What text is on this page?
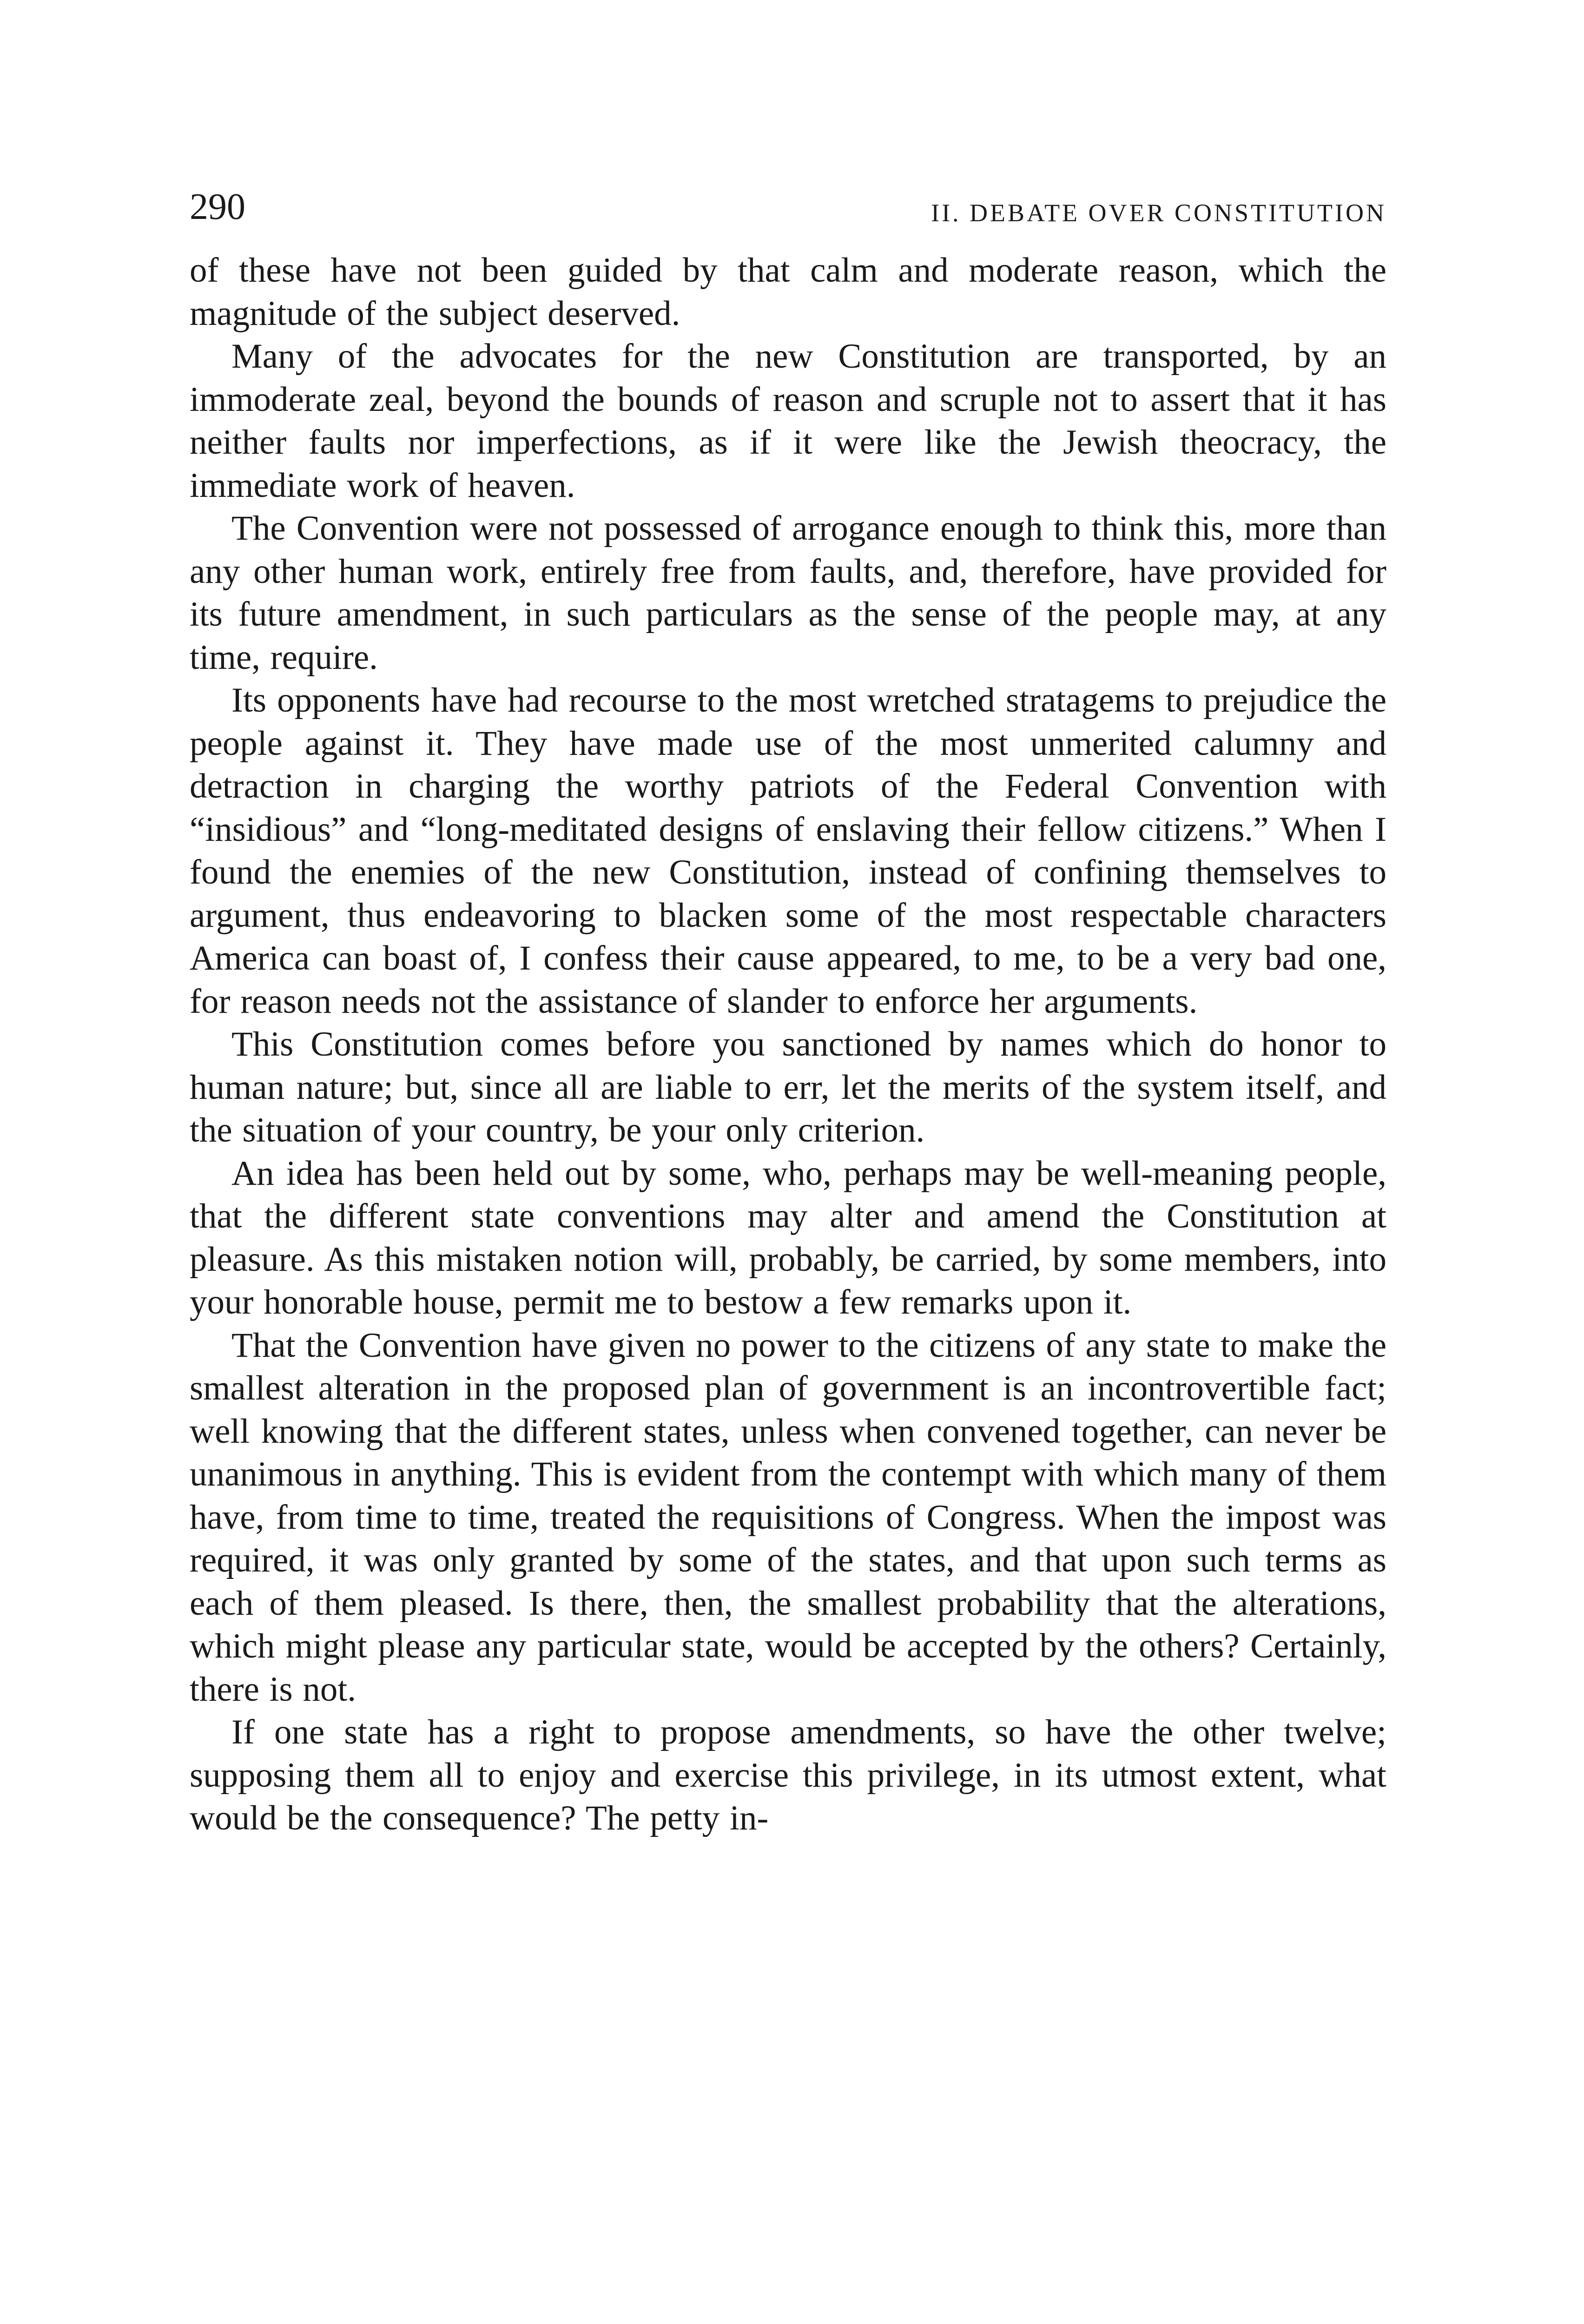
290	II. DEBATE OVER CONSTITUTION

of these have not been guided by that calm and moderate reason, which the magnitude of the subject deserved.

Many of the advocates for the new Constitution are transported, by an immoderate zeal, beyond the bounds of reason and scruple not to assert that it has neither faults nor imperfections, as if it were like the Jewish theocracy, the immediate work of heaven.

The Convention were not possessed of arrogance enough to think this, more than any other human work, entirely free from faults, and, therefore, have provided for its future amendment, in such particulars as the sense of the people may, at any time, require.

Its opponents have had recourse to the most wretched stratagems to prejudice the people against it. They have made use of the most unmerited calumny and detraction in charging the worthy patriots of the Federal Convention with “insidious” and “long-meditated designs of enslaving their fellow citizens.” When I found the enemies of the new Constitution, instead of confining themselves to argument, thus endeavoring to blacken some of the most respectable characters America can boast of, I confess their cause appeared, to me, to be a very bad one, for reason needs not the assistance of slander to enforce her arguments.

This Constitution comes before you sanctioned by names which do honor to human nature; but, since all are liable to err, let the merits of the system itself, and the situation of your country, be your only criterion.

An idea has been held out by some, who, perhaps may be well-meaning people, that the different state conventions may alter and amend the Constitution at pleasure. As this mistaken notion will, probably, be carried, by some members, into your honorable house, permit me to bestow a few remarks upon it.

That the Convention have given no power to the citizens of any state to make the smallest alteration in the proposed plan of government is an incontrovertible fact; well knowing that the different states, unless when convened together, can never be unanimous in anything. This is evident from the contempt with which many of them have, from time to time, treated the requisitions of Congress. When the impost was required, it was only granted by some of the states, and that upon such terms as each of them pleased. Is there, then, the smallest probability that the alterations, which might please any particular state, would be accepted by the others? Certainly, there is not.

If one state has a right to propose amendments, so have the other twelve; supposing them all to enjoy and exercise this privilege, in its utmost extent, what would be the consequence? The petty in-
